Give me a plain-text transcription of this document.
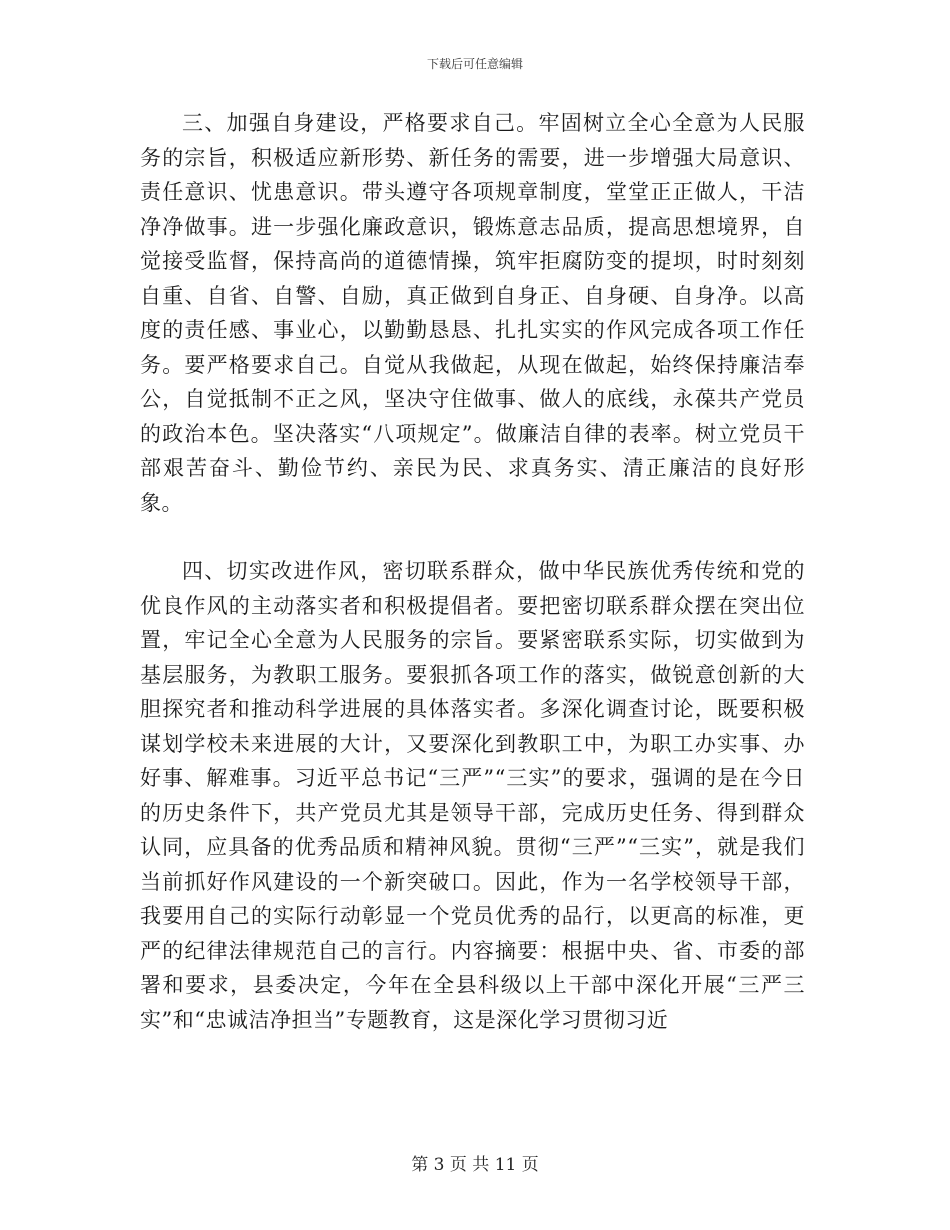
下载后可任意编辑

三、加强自身建设，严格要求自己。牢固树立全心全意为人民服务的宗旨，积极适应新形势、新任务的需要，进一步增强大局意识、责任意识、忧患意识。带头遵守各项规章制度，堂堂正正做人，干洁净净做事。进一步强化廉政意识，锻炼意志品质，提高思想境界，自觉接受监督，保持高尚的道德情操，筑牢拒腐防变的提坝，时时刻刻自重、自省、自警、自励，真正做到自身正、自身硬、自身净。以高度的责任感、事业心，以勤勤恳恳、扎扎实实的作风完成各项工作任务。要严格要求自己。自觉从我做起，从现在做起，始终保持廉洁奉公，自觉抵制不正之风，坚决守住做事、做人的底线，永葆共产党员的政治本色。坚决落实“八项规定”。做廉洁自律的表率。树立党员干部艰苦奋斗、勤俭节约、亲民为民、求真务实、清正廉洁的良好形象。

四、切实改进作风，密切联系群众，做中华民族优秀传统和党的优良作风的主动落实者和积极提倡者。要把密切联系群众摆在突出位置，牢记全心全意为人民服务的宗旨。要紧密联系实际，切实做到为基层服务，为教职工服务。要狠抓各项工作的落实，做锐意创新的大胆探究者和推动科学进展的具体落实者。多深化调查讨论，既要积极谋划学校未来进展的大计，又要深化到教职工中，为职工办实事、办好事、解难事。习近平总书记“三严”“三实”的要求，强调的是在今日的历史条件下，共产党员尤其是领导干部，完成历史任务、得到群众认同，应具备的优秀品质和精神风貌。贯彻“三严”“三实”，就是我们当前抓好作风建设的一个新突破口。因此，作为一名学校领导干部，我要用自己的实际行动彰显一个党员优秀的品行，以更高的标准，更严的纪律法律规范自己的言行。内容摘要：根据中央、省、市委的部署和要求，县委决定，今年在全县科级以上干部中深化开展“三严三实”和“忠诚洁净担当”专题教育，这是深化学习贯彻习近

第 3 页 共 11 页
